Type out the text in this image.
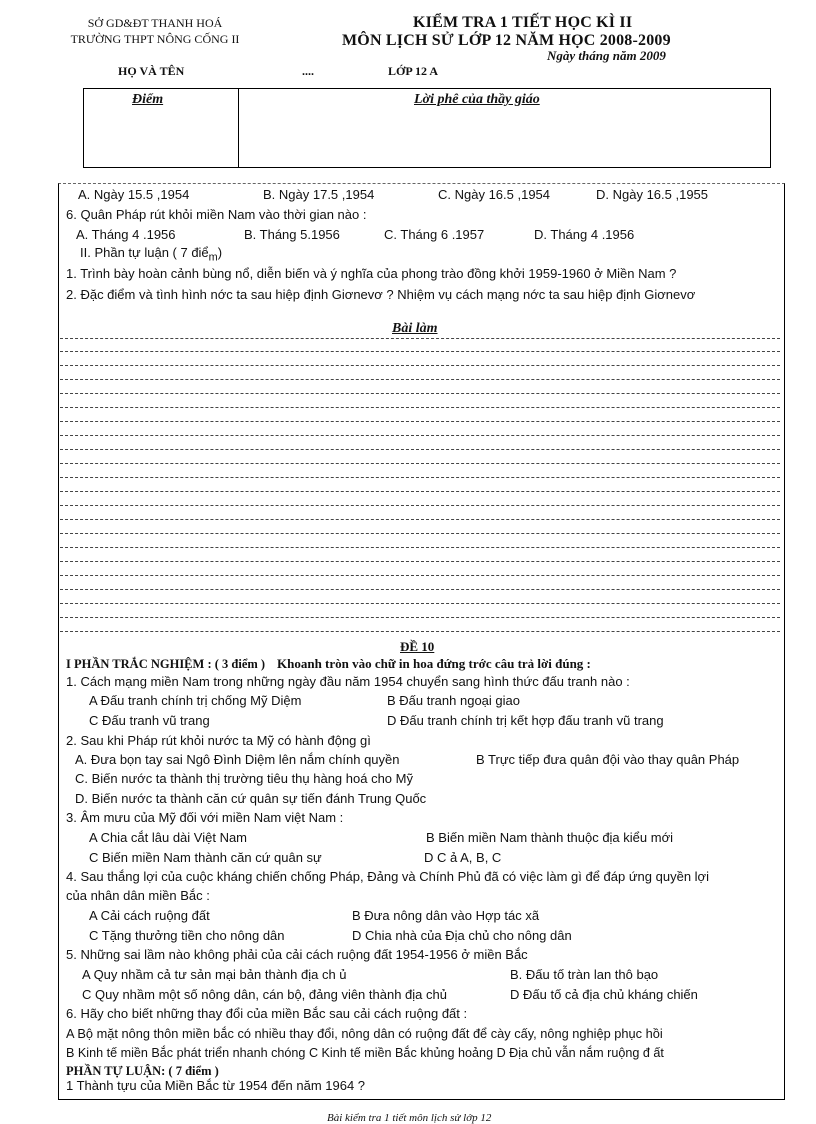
SỞ GD&ĐT THANH HOÁ
TRƯỜNG THPT NÔNG CỐNG II
KIỂM TRA 1 TIẾT HỌC KÌ II
MÔN LỊCH SỬ LỚP 12 NĂM HỌC 2008-2009
Ngày tháng năm 2009
HỌ VÀ TÊN	....	LỚP 12 A
Điểm	Lời phê của thầy giáo
A. Ngày 15.5 ,1954	B. Ngày 17.5 ,1954	C. Ngày 16.5 ,1954	D. Ngày 16.5 ,1955
6. Quân Pháp rút khỏi miền Nam vào thời gian nào :
A. Tháng 4 .1956	B. Tháng 5.1956	C. Tháng 6 .1957	D. Tháng 4 .1956
II. Phần tự luận ( 7 điể$_m$)
1. Trình bày hoàn cảnh bùng nổ, diễn biến và ý nghĩa của phong trào đồng khởi 1959-1960 ở Miền Nam ?
2. Đặc điểm và tình hình nớc ta sau hiệp định Giơnevơ ? Nhiệm vụ cách mạng nớc ta sau hiệp định Giơnevơ
Bài làm
ĐỀ 10
I PHẦN TRẮC NGHIỆM : ( 3 điểm ) Khoanh tròn vào chữ in hoa đứng trớc câu trả lời đúng :
1. Cách mạng miền Nam trong những ngày đầu năm 1954 chuyển sang hình thức đấu tranh nào :
A Đấu tranh chính trị chống Mỹ Diệm	B Đấu tranh ngoại giao
C Đấu tranh vũ trang	D Đấu tranh chính trị kết hợp đấu tranh vũ trang
2. Sau khi Pháp rút khỏi nước ta Mỹ có hành động gì
A. Đưa bọn tay sai Ngô Đình Diệm lên nắm chính quyền	B Trực tiếp đưa quân đội vào thay quân Pháp
C. Biến nước ta thành thị trường tiêu thụ hàng hoá cho Mỹ
D. Biến nước ta thành căn cứ quân sự tiến đánh Trung Quốc
3. Âm mưu của Mỹ đối với miền Nam việt Nam :
A Chia cắt lâu dài Việt Nam	B Biến miền Nam thành thuộc địa kiểu mới
C Biến miền Nam thành căn cứ quân sự	D C ả A, B, C
4. Sau thắng lợi của cuộc kháng chiến chống Pháp, Đảng và Chính Phủ đã có việc làm gì để đáp ứng quyền lợi
của nhân dân miền Bắc :
A Cải cách ruộng đất	B Đưa nông dân vào Hợp tác xã
C Tặng thưởng tiền cho nông dân	D Chia nhà của Địa chủ cho nông dân
5. Những sai lầm nào không phải của cải cách ruộng đất 1954-1956 ở miền Bắc
A Quy nhầm cả tư sản mại bản thành địa ch ủ	B. Đấu tố tràn lan thô bạo
C Quy nhầm một số nông dân, cán bộ, đảng viên thành địa chủ	D Đấu tố cả địa chủ kháng chiến
6. Hãy cho biết những thay đổi của miền Bắc sau cải cách ruộng đất :
A Bộ mặt nông thôn miền bắc có nhiều thay đổi, nông dân có ruộng đất để cày cấy, nông nghiệp phục hồi
B Kinh tế miền Bắc phát triển nhanh chóng C Kinh tế miền Bắc khủng hoảng D Địa chủ vẫn nắm ruộng đ ất
PHẦN TỰ LUẬN: ( 7 điểm )
1 Thành tựu của Miền Bắc từ 1954 đến năm 1964 ?
Bài kiểm tra 1 tiết môn lịch sử lớp 12
